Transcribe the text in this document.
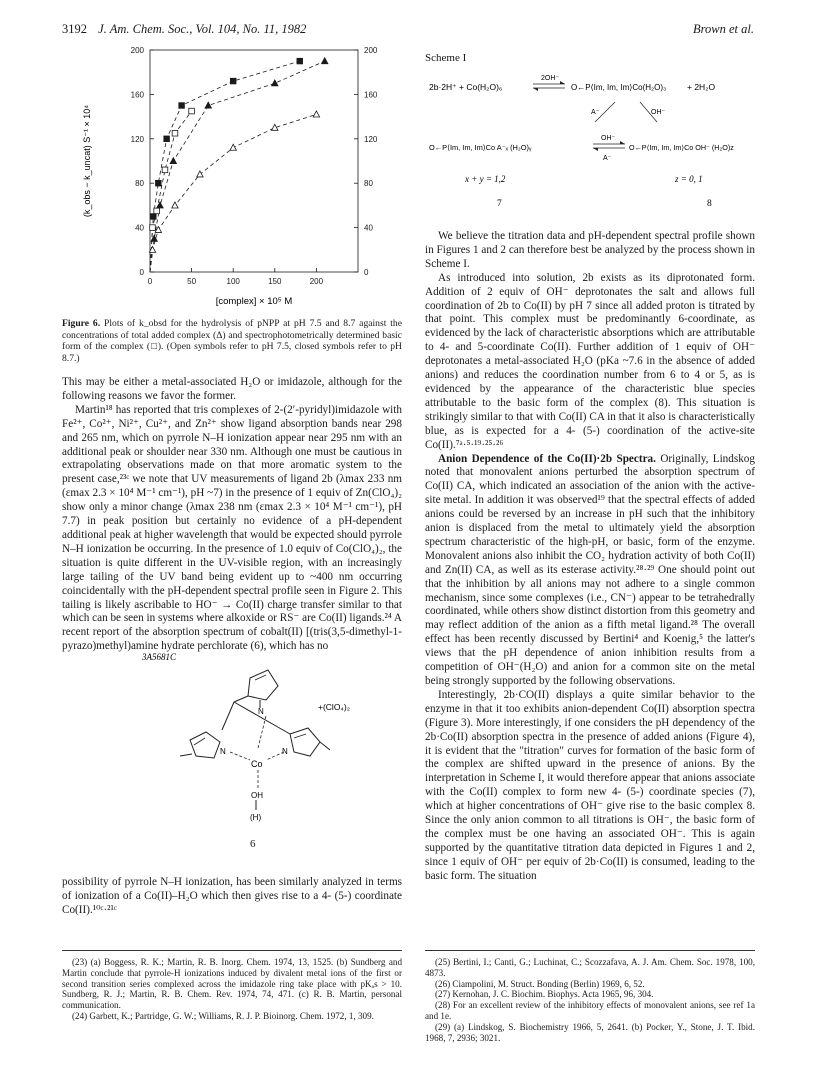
3192 J. Am. Chem. Soc., Vol. 104, No. 11, 1982	Brown et al.
0	50	100	150	200
0	0
40	40
80	80
120	120
160	160
200	200
[complex] × 10⁵ M
(k_obs − k_uncat) S⁻¹ × 10⁴
Figure 6. Plots of k_obsd for the hydrolysis of pNPP at pH 7.5 and 8.7 against the concentrations of total added complex (Δ) and spectrophotometrically determined basic form of the complex (□). (Open symbols refer to pH 7.5, closed symbols refer to pH 8.7.)

This may be either a metal-associated H₂O or imidazole, although for the following reasons we favor the former.

Martin¹⁸ has reported that tris complexes of 2-(2′-pyridyl)imidazole with Fe²⁺, Co²⁺, Ni²⁺, Cu²⁺, and Zn²⁺ show ligand absorption bands near 298 and 265 nm, which on pyrrole N–H ionization appear near 295 nm with an additional peak or shoulder near 330 nm. Although one must be cautious in extrapolating observations made on that more aromatic system to the present case,²³ᶜ we note that UV measurements of ligand 2b (λmax 233 nm (εmax 2.3 × 10⁴ M⁻¹ cm⁻¹), pH ~7) in the presence of 1 equiv of Zn(ClO₄)₂ show only a minor change (λmax 238 nm (εmax 2.3 × 10⁴ M⁻¹ cm⁻¹), pH 7.7) in peak position but certainly no evidence of a pH-dependent additional peak at higher wavelength that would be expected should pyrrole N–H ionization be occurring. In the presence of 1.0 equiv of Co(ClO₄)₂, the situation is quite different in the UV-visible region, with an increasingly large tailing of the UV band being evident up to ~400 nm occurring coincidentally with the pH-dependent spectral profile seen in Figure 2. This tailing is likely ascribable to HO⁻ → Co(II) charge transfer similar to that which can be seen in systems where alkoxide or RS⁻ are Co(II) ligands.²⁴ A recent report of the absorption spectrum of cobalt(II) [(tris(3,5-dimethyl-1-pyrazo)methyl)amine hydrate perchlorate (6), which has no

3A5681C
N
N	N
Co
OH
(H)
+(ClO₄)₂
6

possibility of pyrrole N–H ionization, has been similarly analyzed in terms of ionization of a Co(II)–H₂O which then gives rise to a 4- (5-) coordinate Co(II).¹⁰ᶜ·²¹ᶜ

Scheme I
2b·2H⁺ + Co(H₂O)₆
2OH⁻
O←P⟨Im, Im, Im⟩Co(H₂O)₃ + 2H₂O
A⁻	OH⁻
O←P⟨Im, Im, Im⟩Co A⁻ₓ (H₂O)ᵧ
OH⁻
A⁻
O←P⟨Im, Im, Im⟩Co OH⁻ (H₂O)z
x + y = 1,2	z = 0, 1
7	8

We believe the titration data and pH-dependent spectral profile shown in Figures 1 and 2 can therefore best be analyzed by the process shown in Scheme I.

As introduced into solution, 2b exists as its diprotonated form. Addition of 2 equiv of OH⁻ deprotonates the salt and allows full coordination of 2b to Co(II) by pH 7 since all added proton is titrated by that point. This complex must be predominantly 6-coordinate, as evidenced by the lack of characteristic absorptions which are attributable to 4- and 5-coordinate Co(II). Further addition of 1 equiv of OH⁻ deprotonates a metal-associated H₂O (pKa ~7.6 in the absence of added anions) and reduces the coordination number from 6 to 4 or 5, as is evidenced by the appearance of the characteristic blue species attributable to the basic form of the complex (8). This situation is strikingly similar to that with Co(II) CA in that it also is characteristically blue, as is expected for a 4- (5-) coordination of the active-site Co(II).⁷ᵃ·⁵·¹⁹·²⁵·²⁶

Anion Dependence of the Co(II)·2b Spectra. Originally, Lindskog noted that monovalent anions perturbed the absorption spectrum of Co(II) CA, which indicated an association of the anion with the active-site metal. In addition it was observed¹⁹ that the spectral effects of added anions could be reversed by an increase in pH such that the inhibitory anion is displaced from the metal to ultimately yield the absorption spectrum characteristic of the high-pH, or basic, form of the enzyme. Monovalent anions also inhibit the CO₂ hydration activity of both Co(II) and Zn(II) CA, as well as its esterase activity.²⁸·²⁹ One should point out that the inhibition by all anions may not adhere to a single common mechanism, since some complexes (i.e., CN⁻) appear to be tetrahedrally coordinated, while others show distinct distortion from this geometry and may reflect addition of the anion as a fifth metal ligand.²⁸ The overall effect has been recently discussed by Bertini⁴ and Koenig,⁵ the latter's views that the pH dependence of anion inhibition results from a competition of OH⁻(H₂O) and anion for a common site on the metal being strongly supported by the following observations.

Interestingly, 2b·CO(II) displays a quite similar behavior to the enzyme in that it too exhibits anion-dependent Co(II) absorption spectra (Figure 3). More interestingly, if one considers the pH dependency of the 2b·Co(II) absorption spectra in the presence of added anions (Figure 4), it is evident that the "titration" curves for formation of the basic form of the complex are shifted upward in the presence of anions. By the interpretation in Scheme I, it would therefore appear that anions associate with the Co(II) complex to form new 4- (5-) coordinate species (7), which at higher concentrations of OH⁻ give rise to the basic complex 8. Since the only anion common to all titrations is OH⁻, the basic form of the complex must be one having an associated OH⁻. This is again supported by the quantitative titration data depicted in Figures 1 and 2, since 1 equiv of OH⁻ per equiv of 2b·Co(II) is consumed, leading to the basic form. The situation

(23) (a) Boggess, R. K.; Martin, R. B. Inorg. Chem. 1974, 13, 1525. (b) Sundberg and Martin conclude that pyrrole-H ionizations induced by divalent metal ions of the first or second transition series complexed across the imidazole ring take place with pKₐs > 10. Sundberg, R. J.; Martin, R. B. Chem. Rev. 1974, 74, 471. (c) R. B. Martin, personal communication.

(24) Garbett, K.; Partridge, G. W.; Williams, R. J. P. Bioinorg. Chem. 1972, 1, 309.

(25) Bertini, I.; Canti, G.; Luchinat, C.; Scozzafava, A. J. Am. Chem. Soc. 1978, 100, 4873.

(26) Ciampolini, M. Struct. Bonding (Berlin) 1969, 6, 52.

(27) Kernohan, J. C. Biochim. Biophys. Acta 1965, 96, 304.

(28) For an excellent review of the inhibitory effects of monovalent anions, see ref 1a and 1e.

(29) (a) Lindskog, S. Biochemistry 1966, 5, 2641. (b) Pocker, Y., Stone, J. T. Ibid. 1968, 7, 2936; 3021.
